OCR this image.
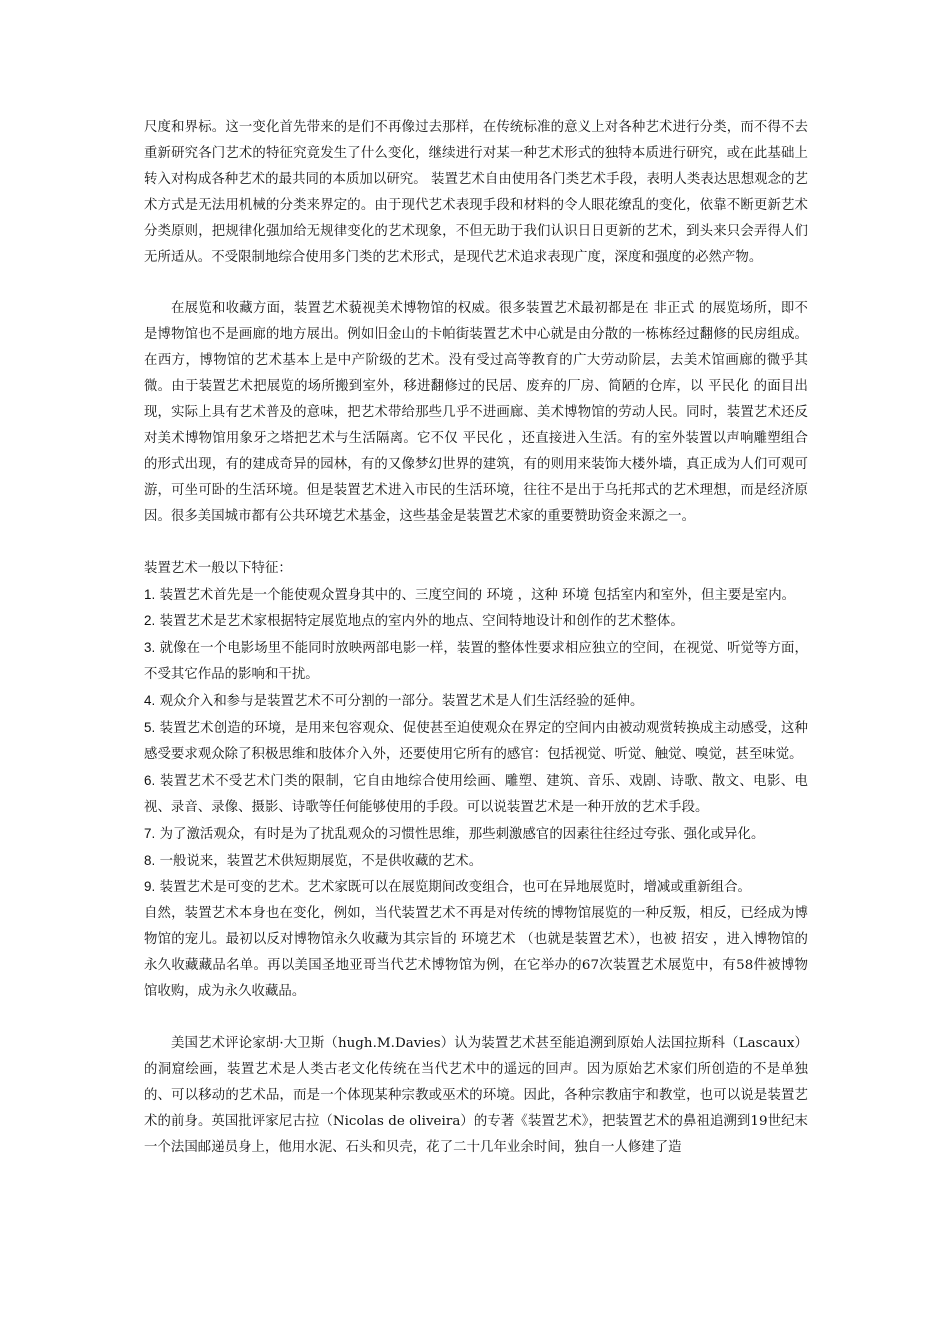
尺度和界标。这一变化首先带来的是们不再像过去那样，在传统标准的意义上对各种艺术进行分类，而不得不去重新研究各门艺术的特征究竟发生了什么变化，继续进行对某一种艺术形式的独特本质进行研究，或在此基础上转入对构成各种艺术的最共同的本质加以研究。 装置艺术自由使用各门类艺术手段，表明人类表达思想观念的艺术方式是无法用机械的分类来界定的。由于现代艺术表现手段和材料的令人眼花缭乱的变化，依靠不断更新艺术分类原则，把规律化强加给无规律变化的艺术现象，不但无助于我们认识日日更新的艺术，到头来只会弄得人们无所适从。不受限制地综合使用多门类的艺术形式，是现代艺术追求表现广度，深度和强度的必然产物。

在展览和收藏方面，装置艺术藐视美术博物馆的权威。很多装置艺术最初都是在 非正式 的展览场所，即不是博物馆也不是画廊的地方展出。例如旧金山的卡帕街装置艺术中心就是由分散的一栋栋经过翻修的民房组成。在西方，博物馆的艺术基本上是中产阶级的艺术。没有受过高等教育的广大劳动阶层，去美术馆画廊的微乎其微。由于装置艺术把展览的场所搬到室外，移进翻修过的民居、废弃的厂房、简陋的仓库，以 平民化 的面目出现，实际上具有艺术普及的意味，把艺术带给那些几乎不进画廊、美术博物馆的劳动人民。同时，装置艺术还反对美术博物馆用象牙之塔把艺术与生活隔离。它不仅 平民化 ，还直接进入生活。有的室外装置以声响雕塑组合的形式出现，有的建成奇异的园林，有的又像梦幻世界的建筑，有的则用来装饰大楼外墙，真正成为人们可观可游，可坐可卧的生活环境。但是装置艺术进入市民的生活环境，往往不是出于乌托邦式的艺术理想，而是经济原因。很多美国城市都有公共环境艺术基金，这些基金是装置艺术家的重要赞助资金来源之一。

装置艺术一般以下特征：

1. 装置艺术首先是一个能使观众置身其中的、三度空间的 环境 ，这种 环境 包括室内和室外，但主要是室内。

2. 装置艺术是艺术家根据特定展览地点的室内外的地点、空间特地设计和创作的艺术整体。

3. 就像在一个电影场里不能同时放映两部电影一样，装置的整体性要求相应独立的空间，在视觉、听觉等方面，不受其它作品的影响和干扰。

4. 观众介入和参与是装置艺术不可分割的一部分。装置艺术是人们生活经验的延伸。

5. 装置艺术创造的环境，是用来包容观众、促使甚至迫使观众在界定的空间内由被动观赏转换成主动感受，这种感受要求观众除了积极思维和肢体介入外，还要使用它所有的感官：包括视觉、听觉、触觉、嗅觉，甚至味觉。

6. 装置艺术不受艺术门类的限制，它自由地综合使用绘画、雕塑、建筑、音乐、戏剧、诗歌、散文、电影、电视、录音、录像、摄影、诗歌等任何能够使用的手段。可以说装置艺术是一种开放的艺术手段。

7. 为了激活观众，有时是为了扰乱观众的习惯性思维，那些刺激感官的因素往往经过夸张、强化或异化。

8. 一般说来，装置艺术供短期展览，不是供收藏的艺术。

9. 装置艺术是可变的艺术。艺术家既可以在展览期间改变组合，也可在异地展览时，增减或重新组合。

自然，装置艺术本身也在变化，例如，当代装置艺术不再是对传统的博物馆展览的一种反叛，相反，已经成为博物馆的宠儿。最初以反对博物馆永久收藏为其宗旨的 环境艺术 （也就是装置艺术），也被 招安 ，进入博物馆的永久收藏藏品名单。再以美国圣地亚哥当代艺术博物馆为例，在它举办的67次装置艺术展览中，有58件被博物馆收购，成为永久收藏品。

美国艺术评论家胡·大卫斯（hugh.M.Davies）认为装置艺术甚至能追溯到原始人法国拉斯科（Lascaux）的洞窟绘画，装置艺术是人类古老文化传统在当代艺术中的遥远的回声。因为原始艺术家们所创造的不是单独的、可以移动的艺术品，而是一个体现某种宗教或巫术的环境。因此，各种宗教庙宇和教堂，也可以说是装置艺术的前身。英国批评家尼古拉（Nicolas de oliveira）的专著《装置艺术》，把装置艺术的鼻祖追溯到19世纪末一个法国邮递员身上，他用水泥、石头和贝壳，花了二十几年业余时间，独自一人修建了造
